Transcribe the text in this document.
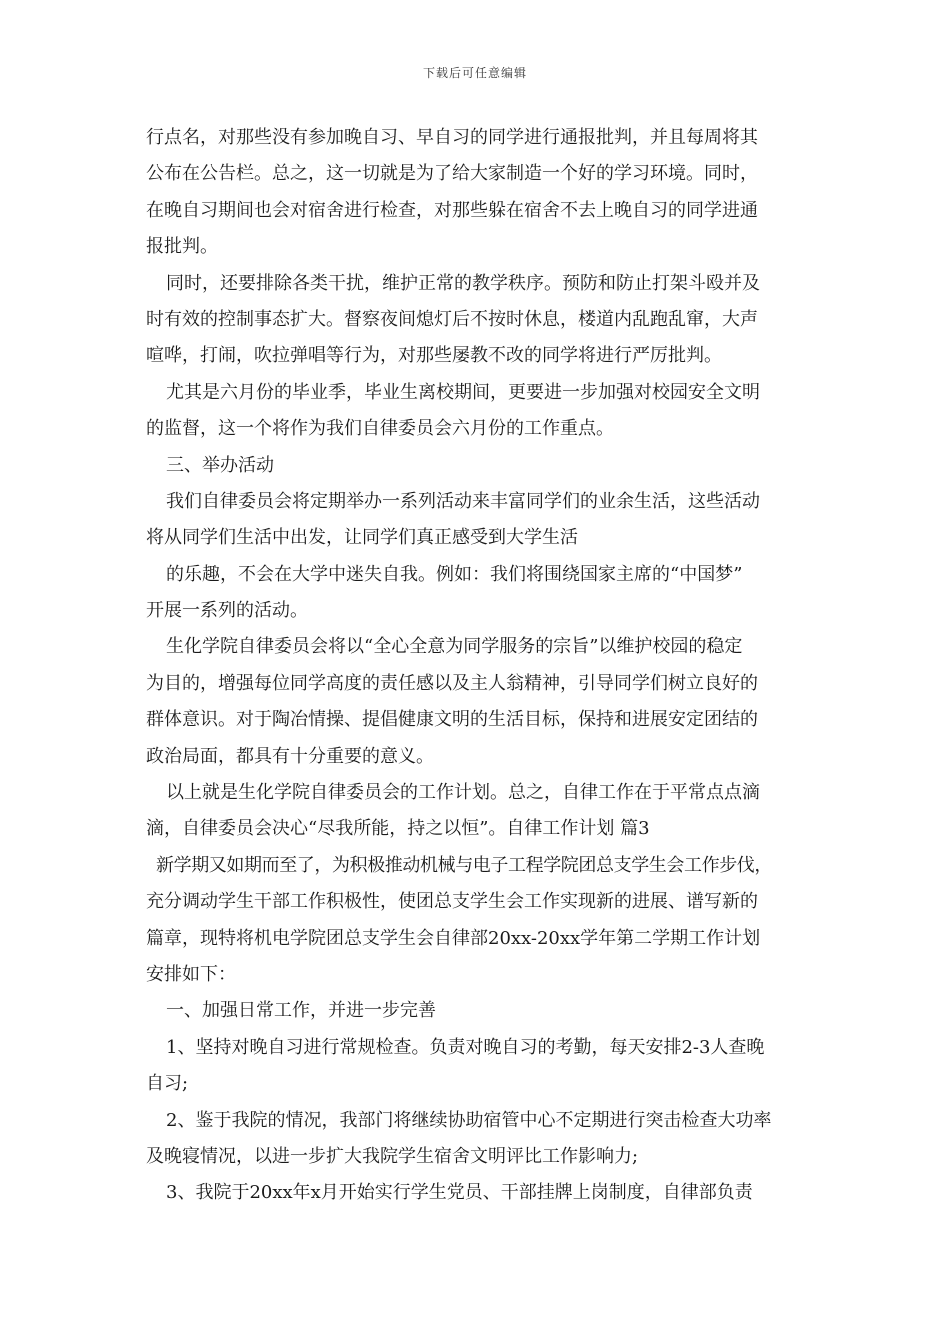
下载后可任意编辑
行点名，对那些没有参加晚自习、早自习的同学进行通报批判，并且每周将其
公布在公告栏。总之，这一切就是为了给大家制造一个好的学习环境。同时，
在晚自习期间也会对宿舍进行检查，对那些躲在宿舍不去上晚自习的同学进通
报批判。
同时，还要排除各类干扰，维护正常的教学秩序。预防和防止打架斗殴并及
时有效的控制事态扩大。督察夜间熄灯后不按时休息，楼道内乱跑乱窜，大声
喧哗，打闹，吹拉弹唱等行为，对那些屡教不改的同学将进行严厉批判。
尤其是六月份的毕业季，毕业生离校期间，更要进一步加强对校园安全文明
的监督，这一个将作为我们自律委员会六月份的工作重点。
三、举办活动
我们自律委员会将定期举办一系列活动来丰富同学们的业余生活，这些活动
将从同学们生活中出发，让同学们真正感受到大学生活
的乐趣，不会在大学中迷失自我。例如：我们将围绕国家主席的“中国梦”
开展一系列的活动。
生化学院自律委员会将以“全心全意为同学服务的宗旨”以维护校园的稳定
为目的，增强每位同学高度的责任感以及主人翁精神，引导同学们树立良好的
群体意识。对于陶冶情操、提倡健康文明的生活目标，保持和进展安定团结的
政治局面，都具有十分重要的意义。
以上就是生化学院自律委员会的工作计划。总之，自律工作在于平常点点滴
滴，自律委员会决心“尽我所能，持之以恒”。自律工作计划 篇3
新学期又如期而至了，为积极推动机械与电子工程学院团总支学生会工作步伐，
充分调动学生干部工作积极性，使团总支学生会工作实现新的进展、谱写新的
篇章，现特将机电学院团总支学生会自律部20xx-20xx学年第二学期工作计划
安排如下：
一、加强日常工作，并进一步完善
1、坚持对晚自习进行常规检查。负责对晚自习的考勤，每天安排2-3人查晚
自习;
2、鉴于我院的情况，我部门将继续协助宿管中心不定期进行突击检查大功率
及晚寝情况，以进一步扩大我院学生宿舍文明评比工作影响力;
3、我院于20xx年x月开始实行学生党员、干部挂牌上岗制度，自律部负责
